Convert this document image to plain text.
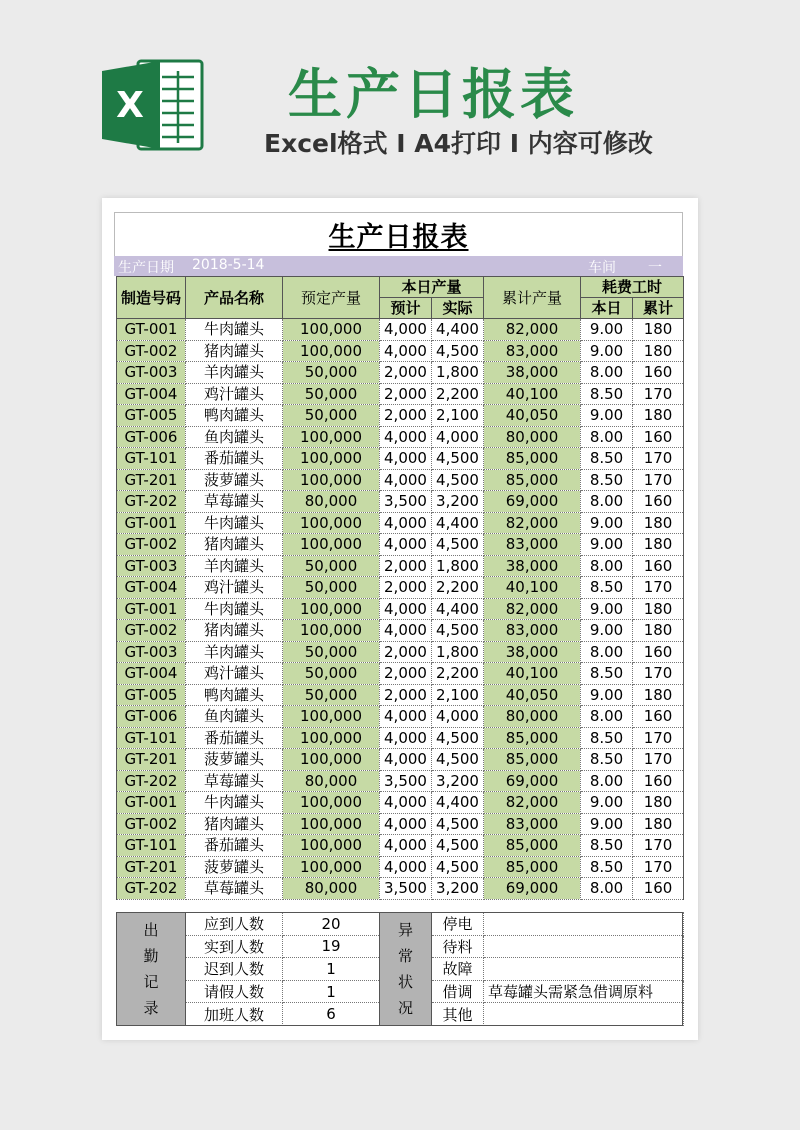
X	生产日报表
Excel格式 I A4打印 I 内容可修改
生产日报表
生产日期 2018-5-14	车间 一
制造号码	产品名称	预定产量	本日产量		累计产量	耗费工时	
			预计	实际		本日	累计
GT-001	牛肉罐头	100,000	4,000	4,400	82,000	9.00	180
GT-002	猪肉罐头	100,000	4,000	4,500	83,000	9.00	180
GT-003	羊肉罐头	50,000	2,000	1,800	38,000	8.00	160
GT-004	鸡汁罐头	50,000	2,000	2,200	40,100	8.50	170
GT-005	鸭肉罐头	50,000	2,000	2,100	40,050	9.00	180
GT-006	鱼肉罐头	100,000	4,000	4,000	80,000	8.00	160
GT-101	番茄罐头	100,000	4,000	4,500	85,000	8.50	170
GT-201	菠萝罐头	100,000	4,000	4,500	85,000	8.50	170
GT-202	草莓罐头	80,000	3,500	3,200	69,000	8.00	160
GT-001	牛肉罐头	100,000	4,000	4,400	82,000	9.00	180
GT-002	猪肉罐头	100,000	4,000	4,500	83,000	9.00	180
GT-003	羊肉罐头	50,000	2,000	1,800	38,000	8.00	160
GT-004	鸡汁罐头	50,000	2,000	2,200	40,100	8.50	170
GT-001	牛肉罐头	100,000	4,000	4,400	82,000	9.00	180
GT-002	猪肉罐头	100,000	4,000	4,500	83,000	9.00	180
GT-003	羊肉罐头	50,000	2,000	1,800	38,000	8.00	160
GT-004	鸡汁罐头	50,000	2,000	2,200	40,100	8.50	170
GT-005	鸭肉罐头	50,000	2,000	2,100	40,050	9.00	180
GT-006	鱼肉罐头	100,000	4,000	4,000	80,000	8.00	160
GT-101	番茄罐头	100,000	4,000	4,500	85,000	8.50	170
GT-201	菠萝罐头	100,000	4,000	4,500	85,000	8.50	170
GT-202	草莓罐头	80,000	3,500	3,200	69,000	8.00	160
GT-001	牛肉罐头	100,000	4,000	4,400	82,000	9.00	180
GT-002	猪肉罐头	100,000	4,000	4,500	83,000	9.00	180
GT-101	番茄罐头	100,000	4,000	4,500	85,000	8.50	170
GT-201	菠萝罐头	100,000	4,000	4,500	85,000	8.50	170
GT-202	草莓罐头	80,000	3,500	3,200	69,000	8.00	160
出勤记录	应到人数	20	异常状况	停电	
	实到人数	19		待料	
	迟到人数	1		故障	
	请假人数	1		借调	草莓罐头需紧急借调原料
	加班人数	6		其他	
